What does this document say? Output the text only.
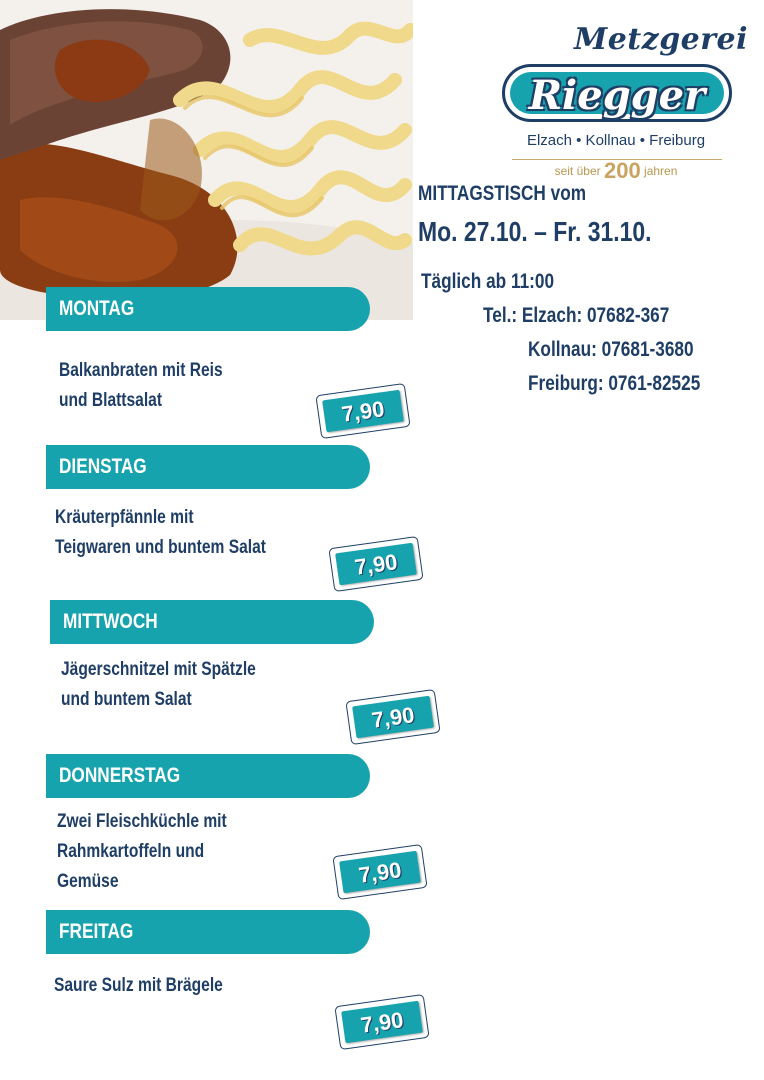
Metzgerei
Riegger
Elzach • Kollnau • Freiburg
seit über 200 jahren
MITTAGSTISCH vom
Mo. 27.10. – Fr. 31.10.
Täglich ab 11:00
Tel.: Elzach: 07682-367
Kollnau: 07681-3680
Freiburg: 0761-82525
MONTAG
Balkanbraten mit Reis
und Blattsalat	7,90
DIENSTAG
Kräuterpfännle mit
Teigwaren und buntem Salat
7,90
MITTWOCH
Jägerschnitzel mit Spätzle
und buntem Salat
7,90
DONNERSTAG
Zwei Fleischküchle mit
Rahmkartoffeln und
Gemüse	7,90
FREITAG
Saure Sulz mit Brägele
7,90
